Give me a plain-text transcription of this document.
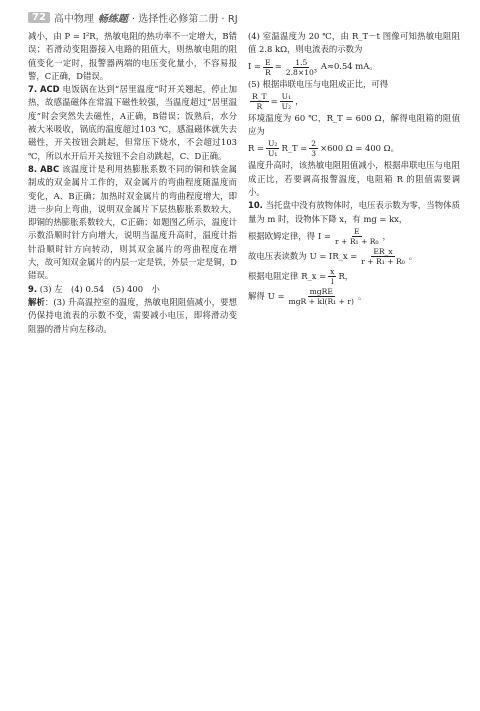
72 高中物理 畅练题 · 选择性必修第二册 · RJ

减小，由 P = I²R，热敏电阻的热功率不一定增大，B错误；若滑动变阻器接入电路的阻值大，则热敏电阻的阻值变化一定时，报警器两端的电压变化量小，不容易报警，C正确，D错误。

7. ACD 电饭锅在达到“居里温度”时开关翘起，停止加热，故感温磁体在常温下磁性较强，当温度超过“居里温度”时会突然失去磁性，A正确，B错误；饭熟后，水分被大米吸收，锅底的温度超过103 ℃，感温磁体就失去磁性，开关按钮会跳起，但常压下烧水，不会超过103 ℃，所以水开后开关按钮不会自动跳起，C、D正确。

8. ABC 该温度计是利用热膨胀系数不同的铜和铁金属制成的双金属片工作的，双金属片的弯曲程度随温度而变化，A、B正确；加热时双金属片的弯曲程度增大，即进一步向上弯曲，说明双金属片下层热膨胀系数较大，即铜的热膨胀系数较大，C正确；如题图乙所示，温度计示数沿顺时针方向增大，说明当温度升高时，温度计指针沿顺时针方向转动，则其双金属片的弯曲程度在增大，故可知双金属片的内层一定是铁，外层一定是铜，D错误。

9. (3) 左　(4) 0.54　(5) 400　小

解析：(3) 升高温控室的温度，热敏电阻阻值减小，要想仍保持电流表的示数不变，需要减小电压，即将滑动变阻器的滑片向左移动。

(4) 室温温度为 20 ℃，由 R_T－t 图像可知热敏电阻阻值 2.8 kΩ，则电流表的示数为

$I = \frac{E}{R} = \frac{1.5}{\text{2.8×10³}} A\approx 0.54$ mA。

(5) 根据串联电压与电阻成正比，可得

$\frac{R\_T}{R} = \frac{\text{U₁}}{\text{U₂}}$ ，

环境温度为 60 ℃，R_T = 600 Ω，解得电阻箱的阻值应为

$R = \frac{\text{U₂}}{\text{U₁}}$ R_T = $\frac{2}{3} \times 600$ Ω = 400 Ω。

温度升高时，该热敏电阻阻值减小，根据串联电压与电阻成正比，若要调高报警温度，电阻箱 R 的阻值需要调小。

10. 当托盘中没有放物体时，电压表示数为零，当物体质量为 m 时，设物体下降 x，有 mg = kx，

根据欧姆定律，得 $I = \frac{E}{\text{r + R₁ + R₀}}$ ，
故电压表读数为 U = IR_x = $\frac{ER\_x}{\text{r + R₁ + R₀}}$ 。
根据电阻定律 R_x = $\frac{x}{l}$ R，
解得 $U = \frac{\text{mgRE}}{\text{mgR + kl(R₁ + r)}}$ 。
